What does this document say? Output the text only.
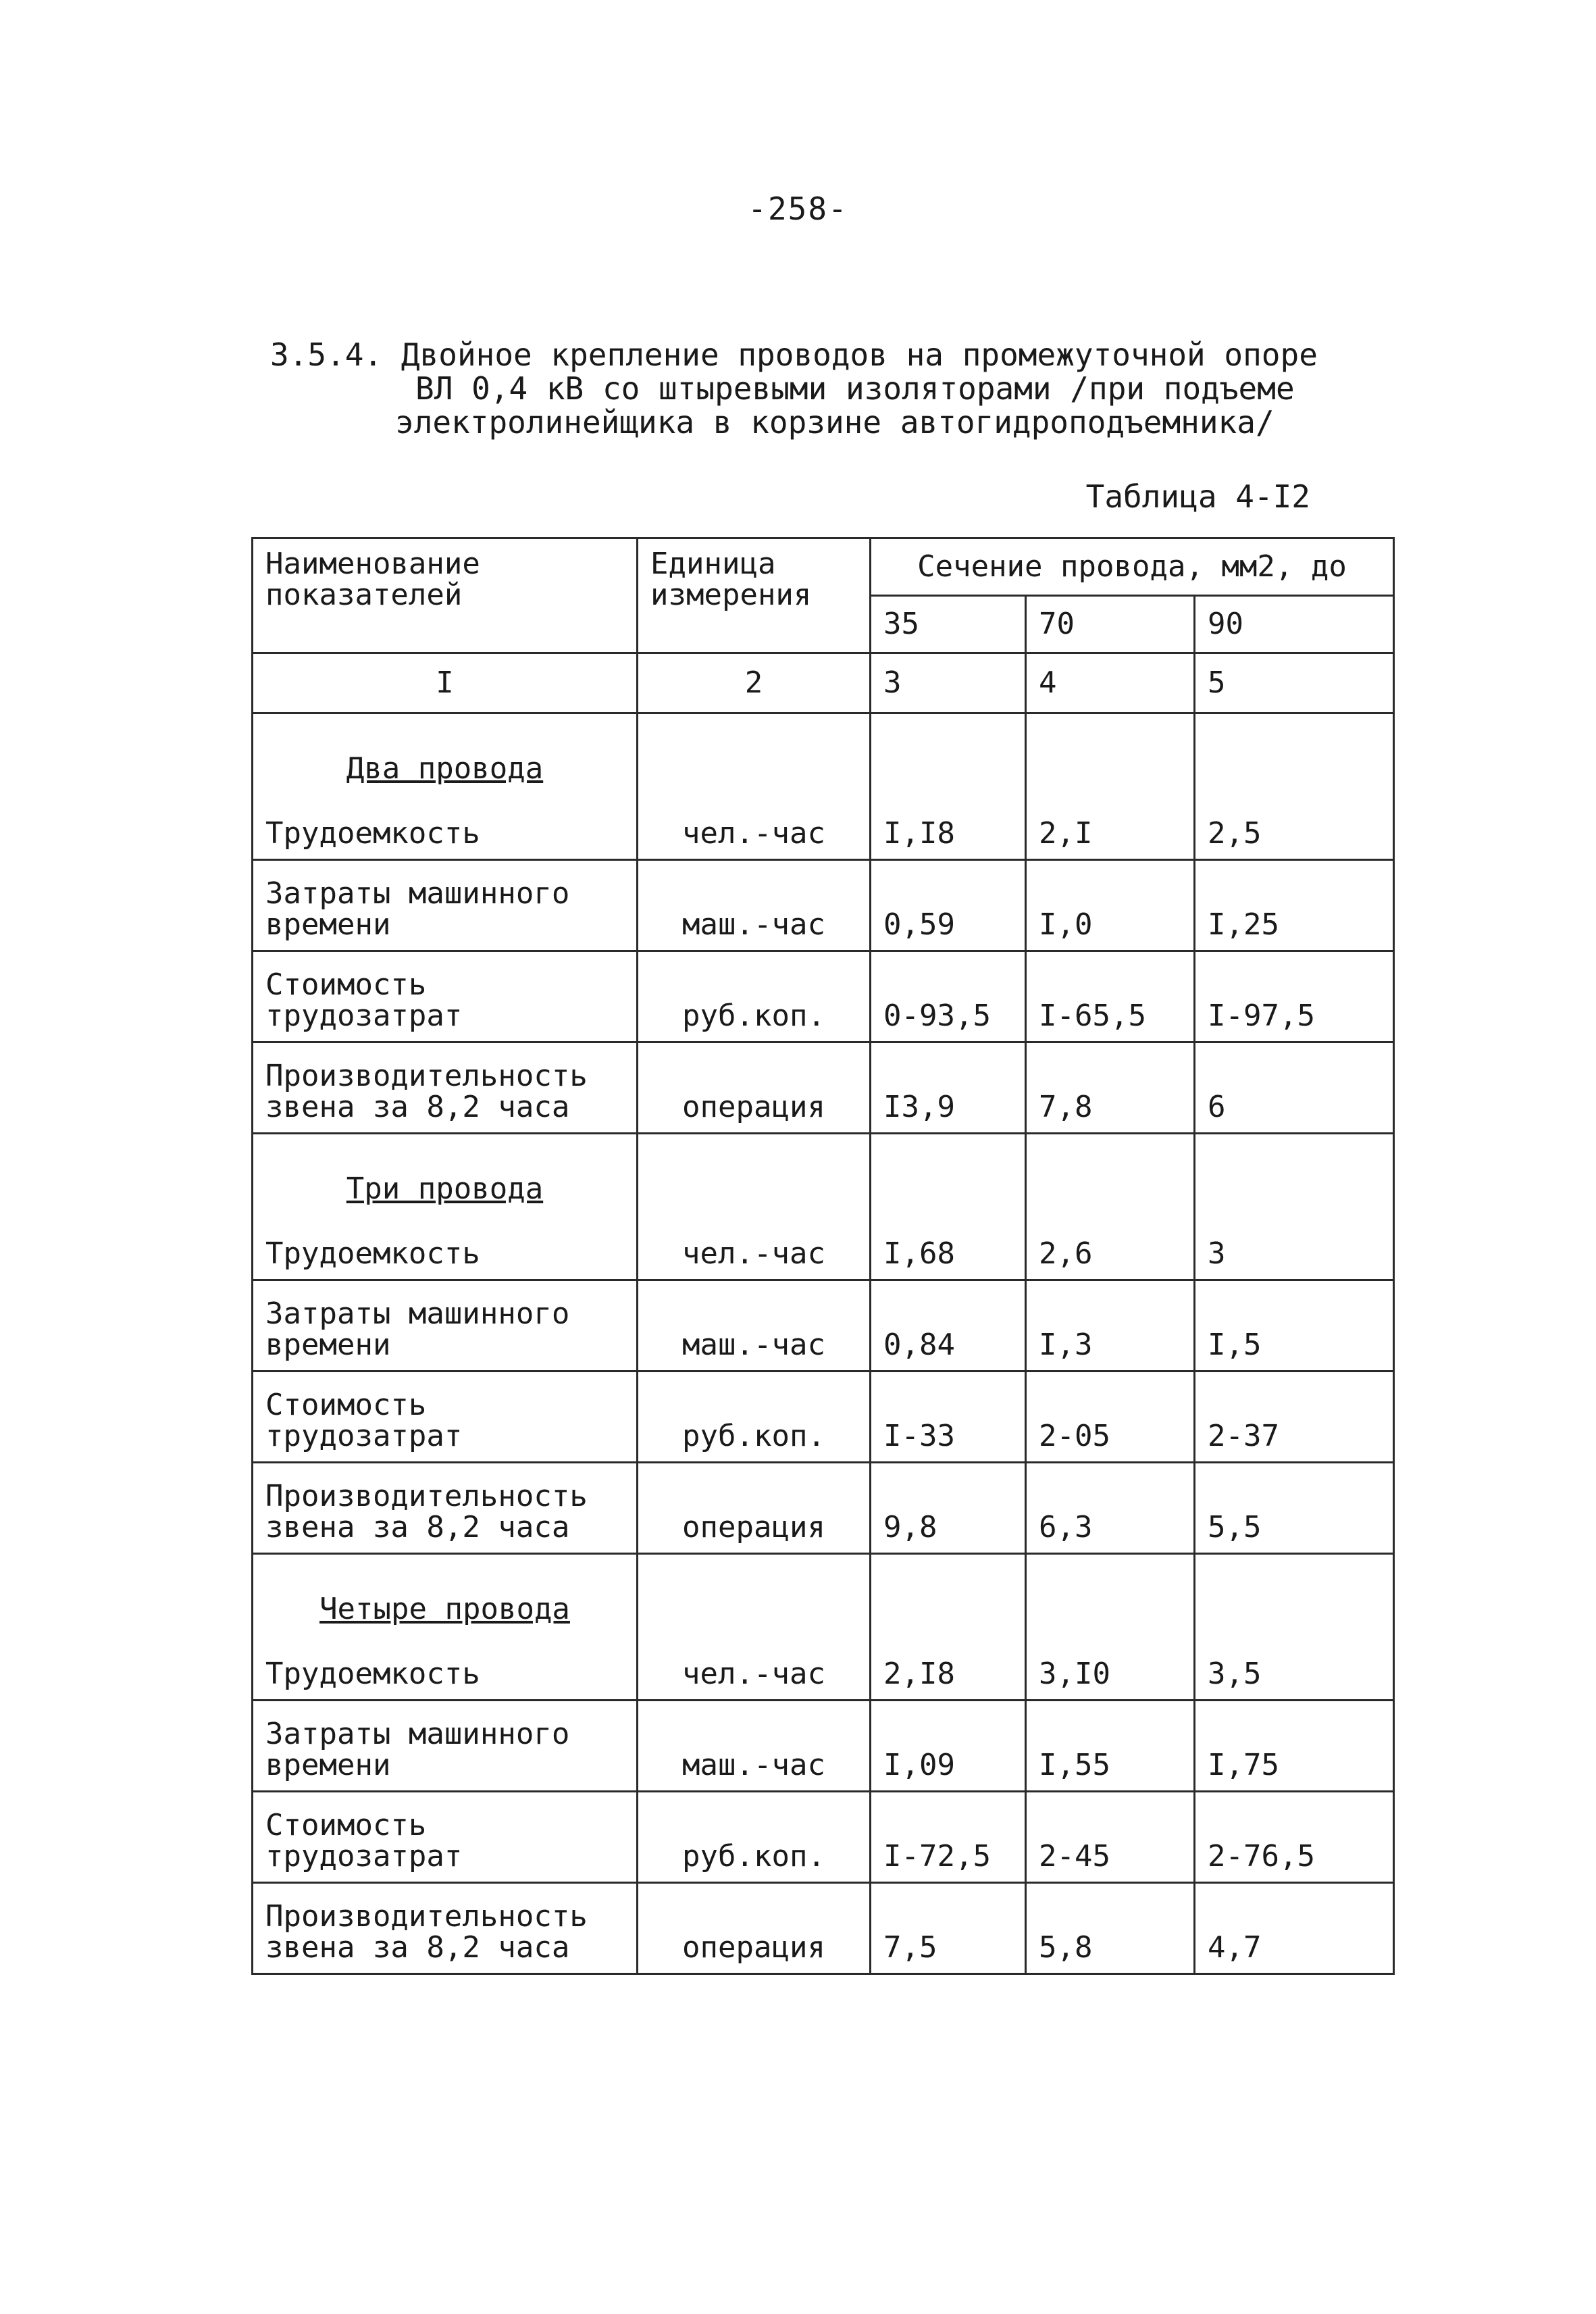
-258-
3.5.4. Двойное крепление проводов на промежуточной опоре
ВЛ 0,4 кВ со штыревыми изоляторами /при подъеме
электролинейщика в корзине автогидроподъемника/
Таблица 4-I2
Наименование показателей	Единица измерения	Сечение провода, мм2, до		
		35	70	90
I	2	3	4	5

Два провода				

Трудоемкость	чел.-час	I,I8	2,I	2,5
Затраты машинного времени	маш.-час	0,59	I,0	I,25
Стоимость трудозатрат	руб.коп.	0-93,5	I-65,5	I-97,5
Производительность звена за 8,2 часа	операция	I3,9	7,8	6

Три провода				

Трудоемкость	чел.-час	I,68	2,6	3
Затраты машинного времени	маш.-час	0,84	I,3	I,5
Стоимость трудозатрат	руб.коп.	I-33	2-05	2-37
Производительность звена за 8,2 часа	операция	9,8	6,3	5,5

Четыре провода				

Трудоемкость	чел.-час	2,I8	3,I0	3,5
Затраты машинного времени	маш.-час	I,09	I,55	I,75
Стоимость трудозатрат	руб.коп.	I-72,5	2-45	2-76,5
Производительность звена за 8,2 часа	операция	7,5	5,8	4,7
